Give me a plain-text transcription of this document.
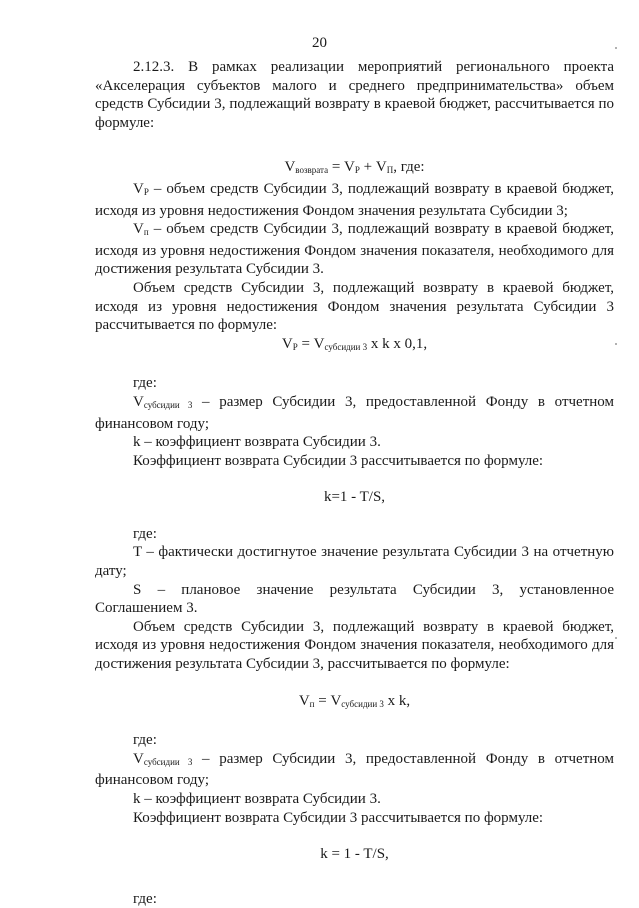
20

2.12.3. В рамках реализации мероприятий регионального проекта «Акселерация субъектов малого и среднего предпринимательства» объем средств Субсидии 3, подлежащий возврату в краевой бюджет, рассчитывается по формуле:

$V_{возврата} = V_Р + V_П$, где:

$V_Р$ – объем средств Субсидии 3, подлежащий возврату в краевой бюджет, исходя из уровня недостижения Фондом значения результата Субсидии 3;

$V_п$ – объем средств Субсидии 3, подлежащий возврату в краевой бюджет, исходя из уровня недостижения Фондом значения показателя, необходимого для достижения результата Субсидии 3.

Объем средств Субсидии 3, подлежащий возврату в краевой бюджет, исходя из уровня недостижения Фондом значения результата Субсидии 3 рассчитывается по формуле:

$V_Р = V_{субсидии 3}$ x k x 0,1,

где:

$V_{субсидии 3}$ – размер Субсидии 3, предоставленной Фонду в отчетном финансовом году;

k – коэффициент возврата Субсидии 3.

Коэффициент возврата Субсидии 3 рассчитывается по формуле:

k=1 - T/S,

где:

T – фактически достигнутое значение результата Субсидии 3 на отчетную дату;

S – плановое значение результата Субсидии 3, установленное Соглашением 3.

Объем средств Субсидии 3, подлежащий возврату в краевой бюджет, исходя из уровня недостижения Фондом значения показателя, необходимого для достижения результата Субсидии 3, рассчитывается по формуле:

$V_п = V_{субсидии 3}$ x k,

где:

$V_{субсидии 3}$ – размер Субсидии 3, предоставленной Фонду в отчетном финансовом году;

k – коэффициент возврата Субсидии 3.

Коэффициент возврата Субсидии 3 рассчитывается по формуле:

k = 1 - T/S,

где:
